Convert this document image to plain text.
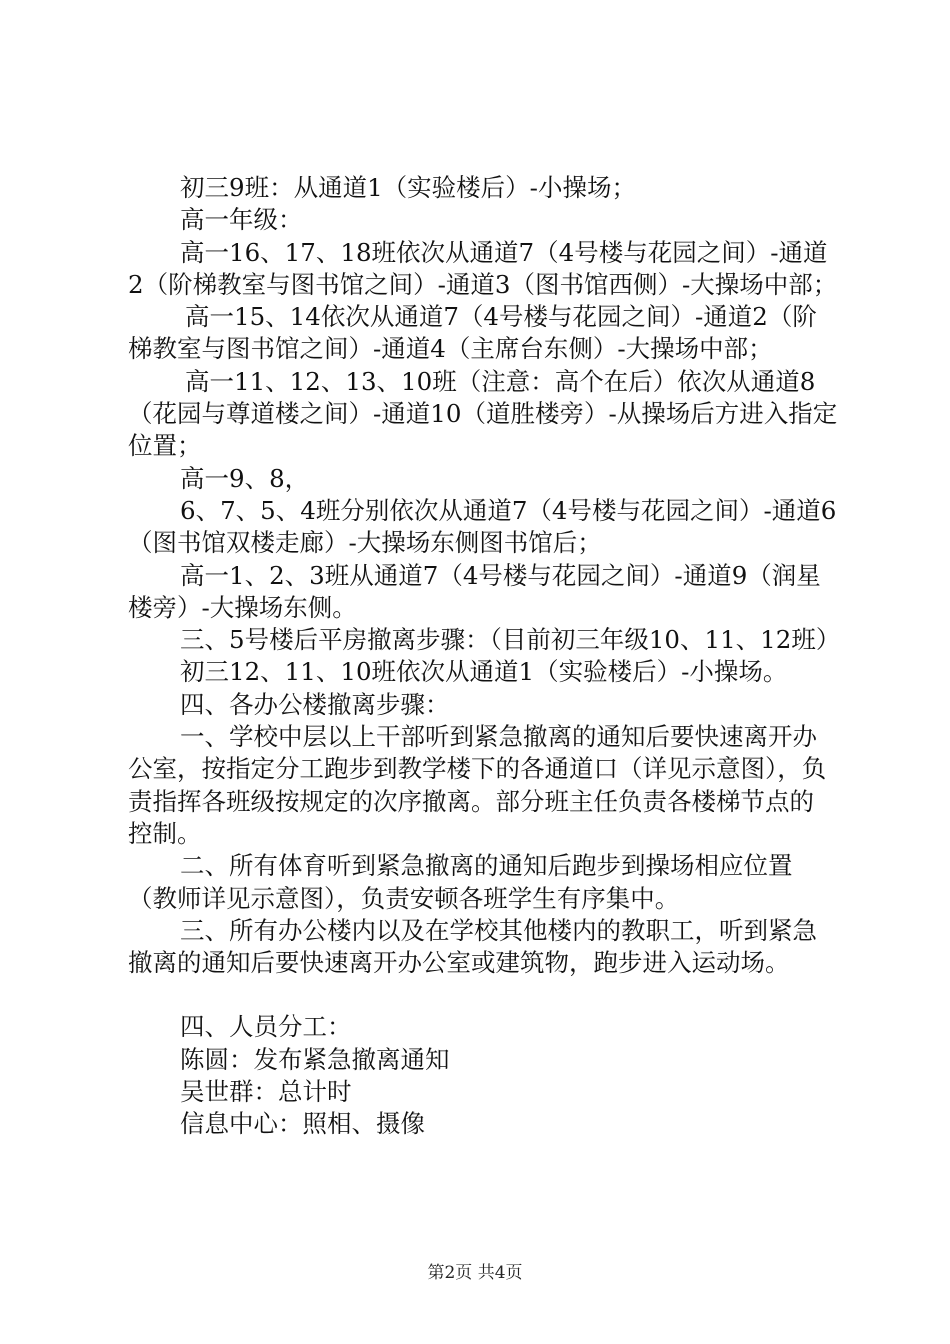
初三9班：从通道1（实验楼后）-小操场；

高一年级：

高一16、17、18班依次从通道7（4号楼与花园之间）-通道2（阶梯教室与图书馆之间）-通道3（图书馆西侧）-大操场中部；

高一15、14依次从通道7（4号楼与花园之间）-通道2（阶梯教室与图书馆之间）-通道4（主席台东侧）-大操场中部；

高一11、12、13、10班（注意：高个在后）依次从通道8（花园与尊道楼之间）-通道10（道胜楼旁）-从操场后方进入指定位置；

高一9、8，

6、7、5、4班分别依次从通道7（4号楼与花园之间）-通道6（图书馆双楼走廊）-大操场东侧图书馆后；

高一1、2、3班从通道7（4号楼与花园之间）-通道9（润星楼旁）-大操场东侧。

三、5号楼后平房撤离步骤：（目前初三年级10、11、12班）

初三12、11、10班依次从通道1（实验楼后）-小操场。

四、各办公楼撤离步骤：

一、学校中层以上干部听到紧急撤离的通知后要快速离开办公室，按指定分工跑步到教学楼下的各通道口（详见示意图），负责指挥各班级按规定的次序撤离。部分班主任负责各楼梯节点的控制。

二、所有体育听到紧急撤离的通知后跑步到操场相应位置（教师详见示意图），负责安顿各班学生有序集中。

三、所有办公楼内以及在学校其他楼内的教职工，听到紧急撤离的通知后要快速离开办公室或建筑物，跑步进入运动场。

四、人员分工：

陈圆：发布紧急撤离通知

吴世群：总计时

信息中心：照相、摄像

第2页 共4页
